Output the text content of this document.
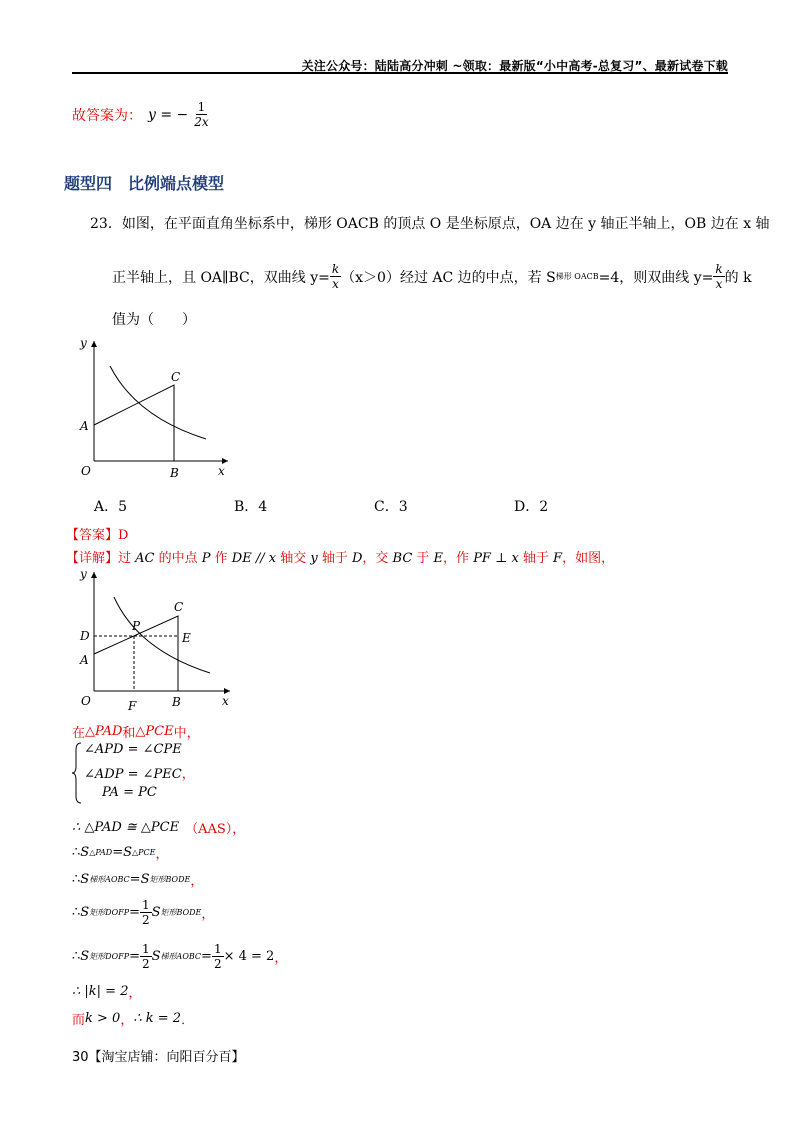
关注公众号：陆陆高分冲刺 ~领取：最新版“小中高考-总复习”、最新试卷下载
故答案为： y = − $\frac{1}{2x}$
题型四　比例端点模型
23．如图，在平面直角坐标系中，梯形 OACB 的顶点 O 是坐标原点，OA 边在 y 轴正半轴上，OB 边在 x 轴
正半轴上，且 OA∥BC，双曲线 $y= \frac{k}{x} (x>0)$经过 AC 边的中点，若 S 梯形 OACB =4，则双曲线 $y= \frac{k}{x}$ 的 k
值为（　　）
y
x
O
A
B
C
A．5	B．4	C．3	D．2
【答案】D
【详解】过 AC 的中点 P 作 DE // x 轴交 y 轴于 D，交 BC 于 E，作 PF ⊥ x 轴于 F，如图，
y
x
O
A
D
P
E
C
B
F
在 △PAD 和 △PCE 中，
∠APD = ∠CPE
∠ADP = ∠PEC，
PA = PC
∴ △PAD ≅ △PCE （AAS），
∴ S △PAD = S △PCE ，
∴ S 梯形AOBC = S 矩形BODE ，
∴ S 矩形DOFP = $\frac{1}{2}$ S 矩形BODE ，
∴ S 矩形DOFP = $\frac{1}{2}$ S 梯形AOBC = $\frac{1}{2} \times 4 = 2$ ，
∴ |k| = 2 ，
而 k > 0 ， ∴ k = 2 ．
30【淘宝店铺：向阳百分百】
